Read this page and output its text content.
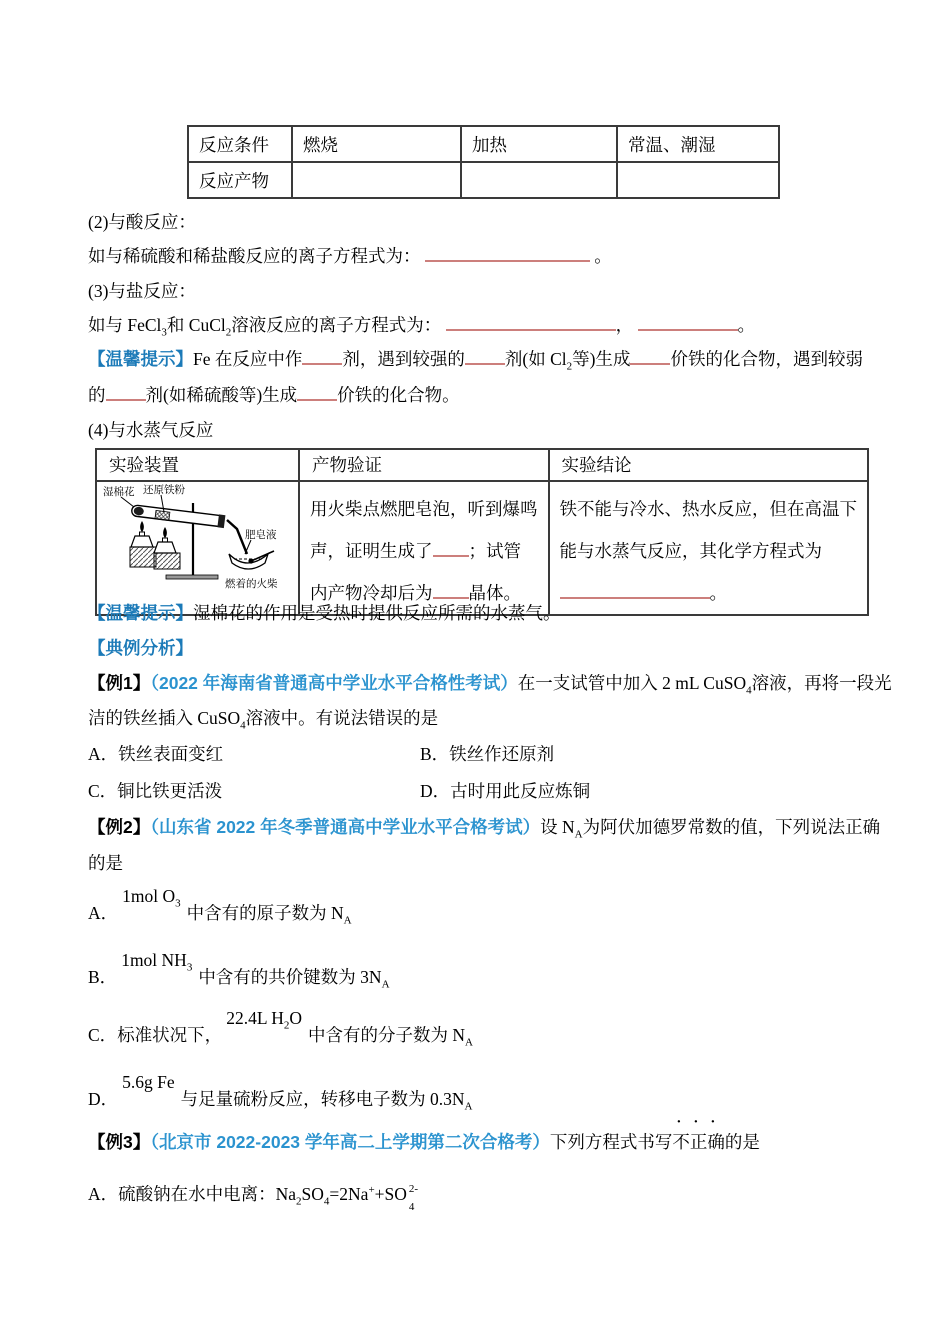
反应条件	燃烧	加热	常温、潮湿
反应产物			
(2)与酸反应：
如与稀硫酸和稀盐酸反应的离子方程式为：	。
(3)与盐反应：
如与 FeCl$_3$和 CuCl$_2$溶液反应的离子方程式为：	，	。
【温馨提示】Fe 在反应中作 剂，遇到较强的 剂(如 $Cl_2$等)生成 价铁的化合物，遇到较弱
的 剂(如稀硫酸等)生成 价铁的化合物。
(4)与水蒸气反应
实验装置	产物验证	实验结论

湿棉花 还原铁粉
肥皂液
燃着的火柴

用火柴点燃肥皂泡，听到爆鸣
声，证明生成了 ；试管
内产物冷却后为 晶体。

铁不能与冷水、热水反应，但在高温下
能与水蒸气反应，其化学方程式为
。
【温馨提示】湿棉花的作用是受热时提供反应所需的水蒸气。
【典例分析】
【例1】（2022 年海南省普通高中学业水平合格性考试）在一支试管中加入 2 mL CuSO$_4$溶液，再将一段光
洁的铁丝插入 CuSO$_4$溶液中。有说法错误的是
A．铁丝表面变红	B．铁丝作还原剂
C．铜比铁更活泼	D．古时用此反应炼铜
【例2】（山东省 2022 年冬季普通高中学业水平合格考试）设 $N_A$为阿伏加德罗常数的值，下列说法正确
的是
A．1mol $O_3$ 中含有的原子数为 $N_A$
B．1mol $NH_3$ 中含有的共价键数为 $3N_A$
C．标准状况下，22.4L $H_2O$中含有的分子数为 $N_A$
D．5.6g Fe与足量硫粉反应，转移电子数为 $0.3N_A$
【例3】（北京市 2022-2023 学年高二上学期第二次合格考）下列方程式书写
···
不正确的是
A．硫酸钠在水中电离：$Na_2SO_4=2Na^++SO$ 2-
4
